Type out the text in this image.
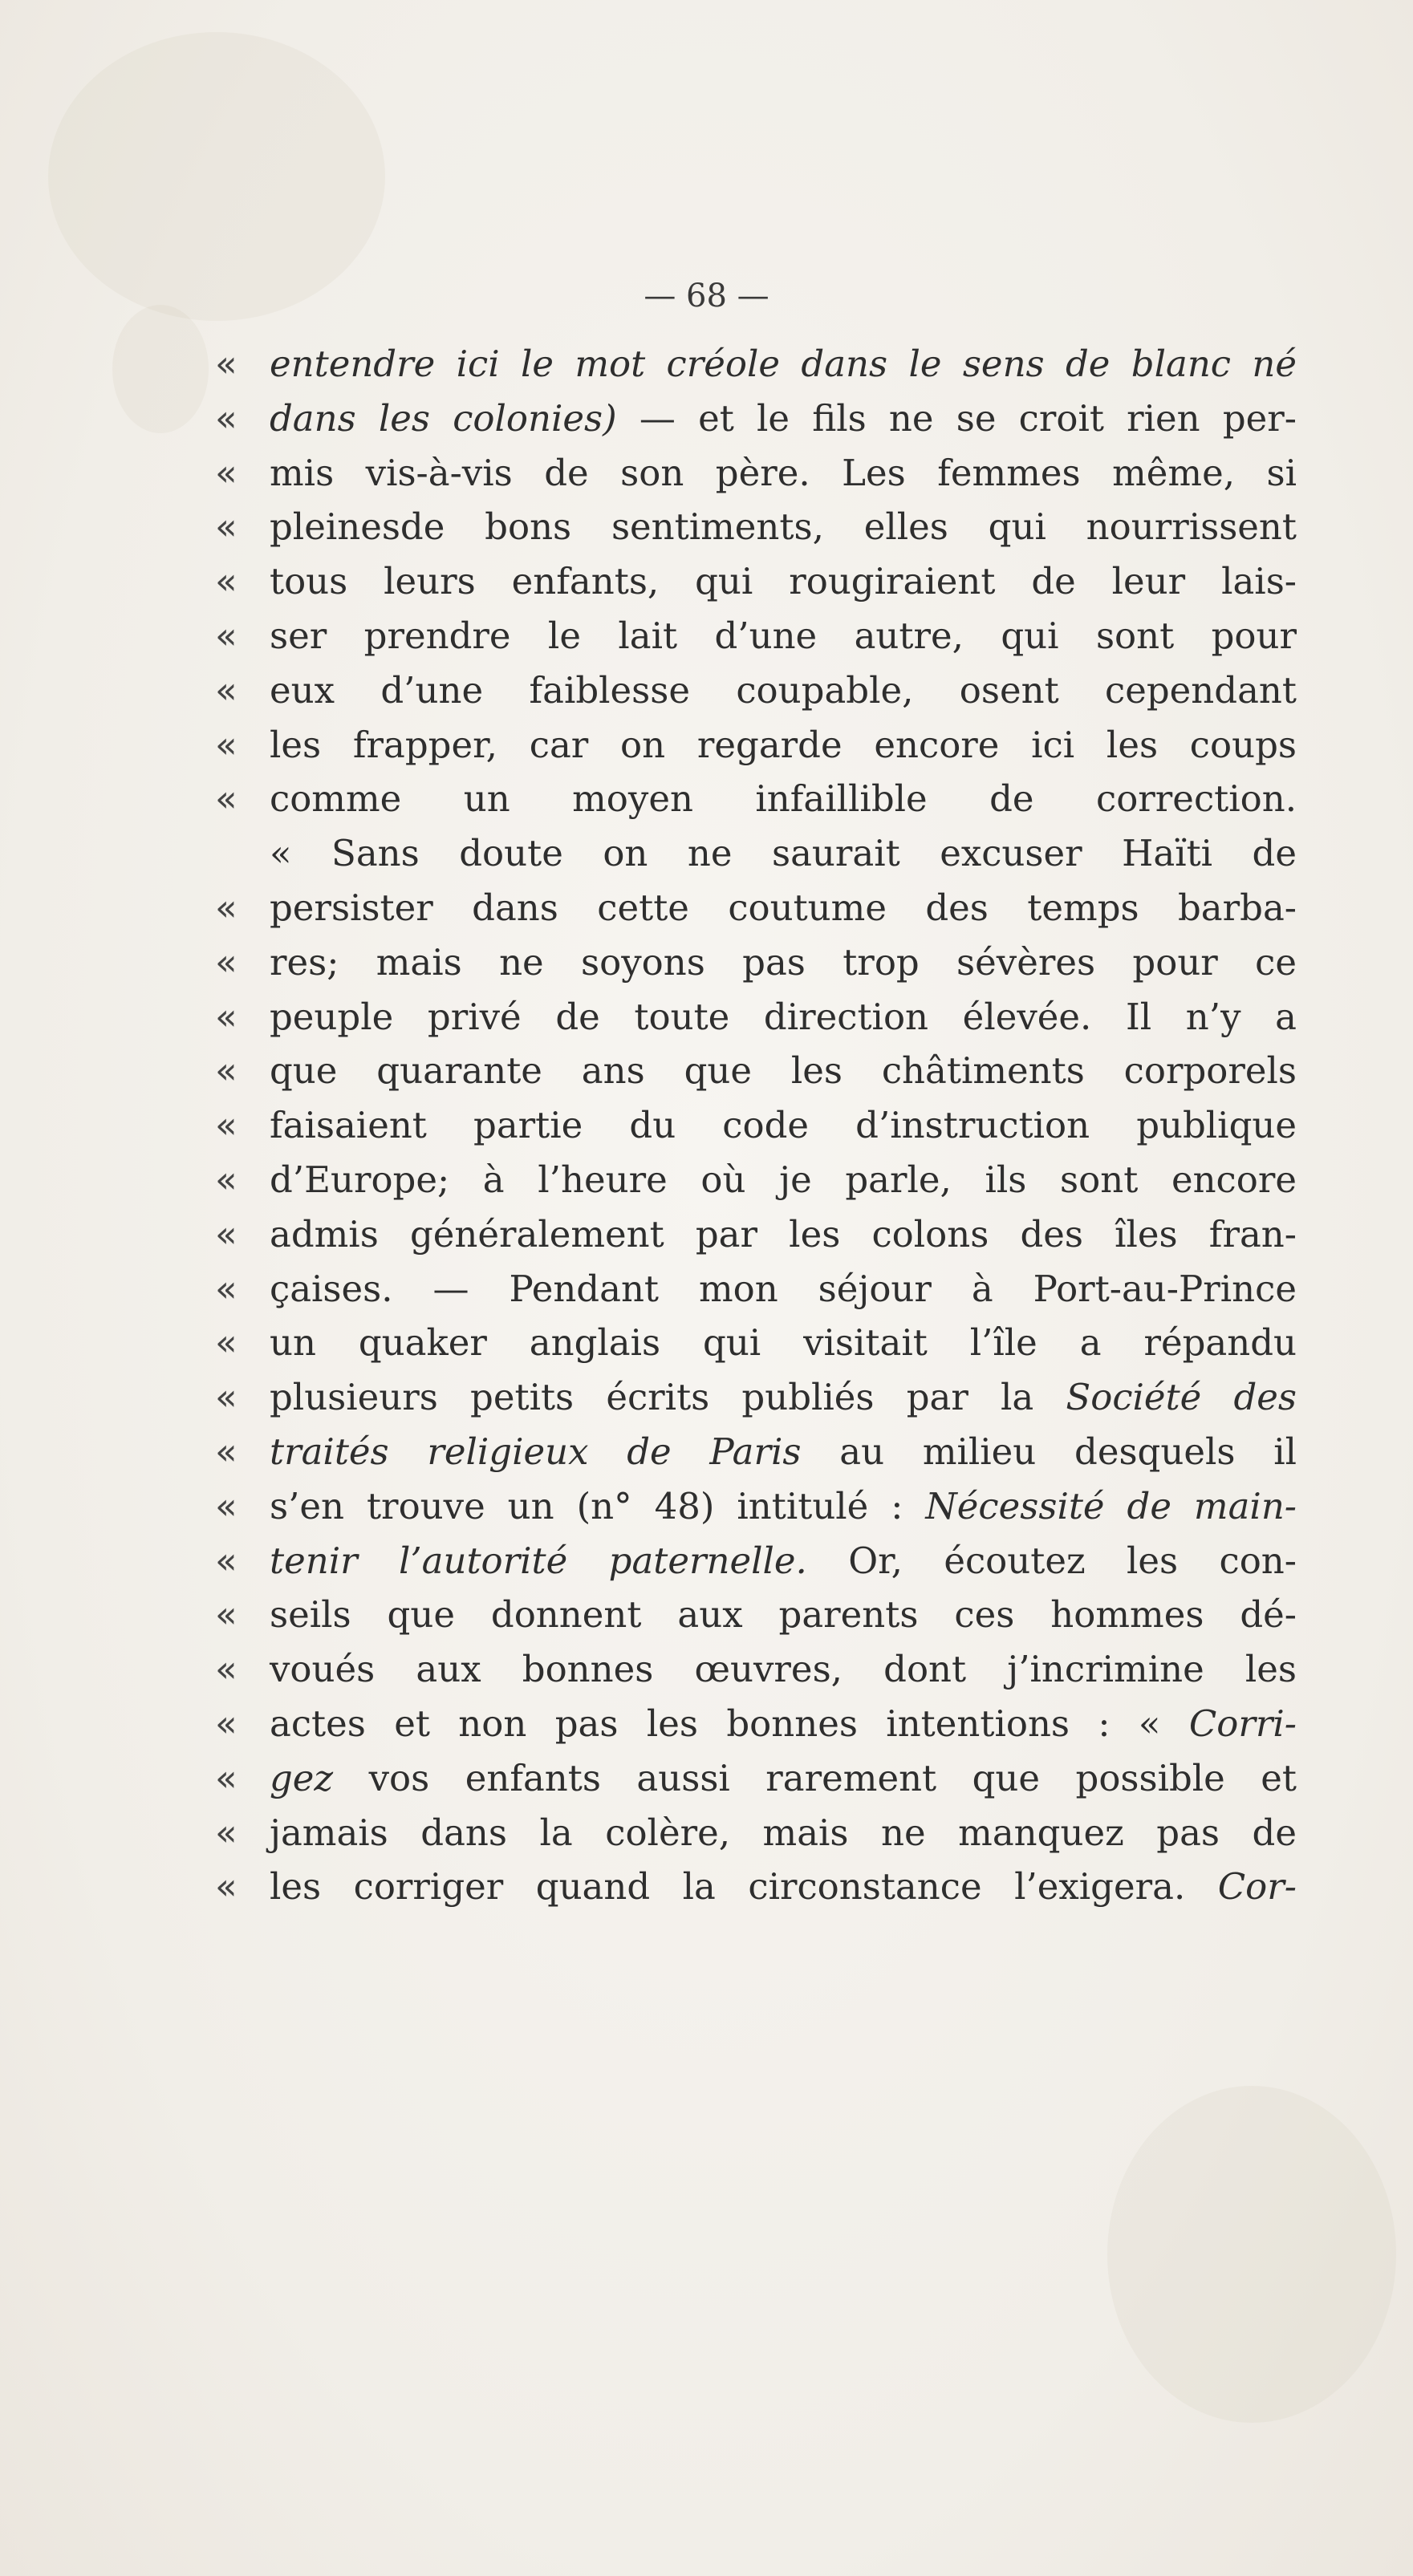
— 68 —
« entendre ici le mot créole dans le sens de blanc né
« dans les colonies) — et le fils ne se croit rien per-
« mis vis-à-vis de son père. Les femmes même, si
« pleinesde bons sentiments, elles qui nourrissent
« tous leurs enfants, qui rougiraient de leur lais-
« ser prendre le lait d’une autre, qui sont pour
« eux d’une faiblesse coupable, osent cependant
« les frapper, car on regarde encore ici les coups
« comme un moyen infaillible de correction.
« Sans doute on ne saurait excuser Haïti de
« persister dans cette coutume des temps barba-
« res; mais ne soyons pas trop sévères pour ce
« peuple privé de toute direction élevée. Il n’y a
« que quarante ans que les châtiments corporels
« faisaient partie du code d’instruction publique
« d’Europe; à l’heure où je parle, ils sont encore
« admis généralement par les colons des îles fran-
« çaises. — Pendant mon séjour à Port-au-Prince
« un quaker anglais qui visitait l’île a répandu
« plusieurs petits écrits publiés par la Société des
« traités religieux de Paris au milieu desquels il
« s’en trouve un (n° 48) intitulé : Nécessité de main-
« tenir l’autorité paternelle. Or, écoutez les con-
« seils que donnent aux parents ces hommes dé-
« voués aux bonnes œuvres, dont j’incrimine les
« actes et non pas les bonnes intentions : « Corri-
« gez vos enfants aussi rarement que possible et
« jamais dans la colère, mais ne manquez pas de
« les corriger quand la circonstance l’exigera. Cor-
